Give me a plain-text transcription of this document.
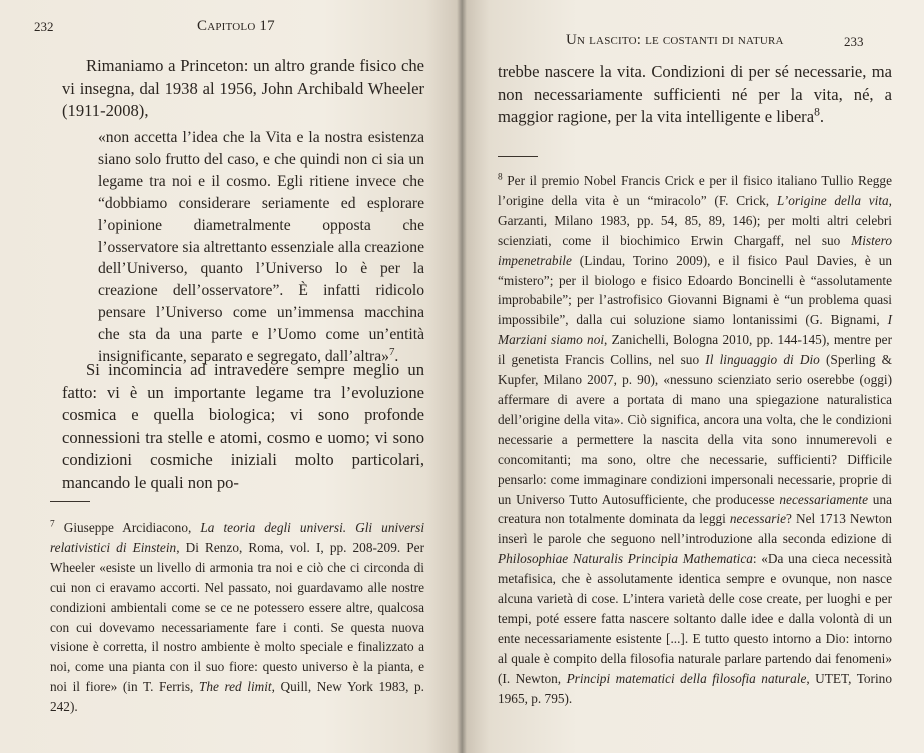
232	Capitolo 17

Rimaniamo a Princeton: un altro grande fisico che vi insegna, dal 1938 al 1956, John Archibald Wheeler (1911-2008),

«non accetta l’idea che la Vita e la nostra esistenza siano solo frutto del caso, e che quindi non ci sia un legame tra noi e il cosmo. Egli ritiene invece che “dobbiamo considerare seriamente ed esplorare l’opinione diametralmente opposta che l’osservatore sia altrettanto essenziale alla creazione dell’Universo, quanto l’Universo lo è per la creazione dell’osservatore”. È infatti ridicolo pensare l’Universo come un’immensa macchina che sta da una parte e l’Uomo come un’entità insignificante, separato e segregato, dall’altra»$^7$.

Si incomincia ad intravedere sempre meglio un fatto: vi è un importante legame tra l’evoluzione cosmica e quella biologica; vi sono profonde connessioni tra stelle e atomi, cosmo e uomo; vi sono condizioni cosmiche iniziali molto particolari, mancando le quali non po-

$^7$ Giuseppe Arcidiacono, La teoria degli universi. Gli universi relativistici di Einstein, Di Renzo, Roma, vol. I, pp. 208-209. Per Wheeler «esiste un livello di armonia tra noi e ciò che ci circonda di cui non ci eravamo accorti. Nel passato, noi guardavamo alle nostre condizioni ambientali come se ce ne potessero essere altre, qualcosa con cui dovevamo necessariamente fare i conti. Se questa nuova visione è corretta, il nostro ambiente è molto speciale e finalizzato a noi, come una pianta con il suo fiore: questo universo è la pianta, e noi il fiore» (in T. Ferris, The red limit, Quill, New York 1983, p. 242).

Un lascito: le costanti di natura	233

trebbe nascere la vita. Condizioni di per sé necessarie, ma non necessariamente sufficienti né per la vita, né, a maggior ragione, per la vita intelligente e libera$^8$.

$^8$ Per il premio Nobel Francis Crick e per il fisico italiano Tullio Regge l’origine della vita è un “miracolo” (F. Crick, L’origine della vita, Garzanti, Milano 1983, pp. 54, 85, 89, 146); per molti altri celebri scienziati, come il biochimico Erwin Chargaff, nel suo Mistero impenetrabile (Lindau, Torino 2009), e il fisico Paul Davies, è un “mistero”; per il biologo e fisico Edoardo Boncinelli è “assolutamente improbabile”; per l’astrofisico Giovanni Bignami è “un problema quasi impossibile”, dalla cui soluzione siamo lontanissimi (G. Bignami, I Marziani siamo noi, Zanichelli, Bologna 2010, pp. 144-145), mentre per il genetista Francis Collins, nel suo Il linguaggio di Dio (Sperling & Kupfer, Milano 2007, p. 90), «nessuno scienziato serio oserebbe (oggi) affermare di avere a portata di mano una spiegazione naturalistica dell’origine della vita». Ciò significa, ancora una volta, che le condizioni necessarie a permettere la nascita della vita sono innumerevoli e concomitanti; ma sono, oltre che necessarie, sufficienti? Difficile pensarlo: come immaginare condizioni impersonali necessarie, proprie di un Universo Tutto Autosufficiente, che producesse necessariamente una creatura non totalmente dominata da leggi necessarie? Nel 1713 Newton inserì le parole che seguono nell’introduzione alla seconda edizione di Philosophiae Naturalis Principia Mathematica: «Da una cieca necessità metafisica, che è assolutamente identica sempre e ovunque, non nasce alcuna varietà di cose. L’intera varietà delle cose create, per luoghi e per tempi, poté essere fatta nascere soltanto dalle idee e dalla volontà di un ente necessariamente esistente [...]. E tutto questo intorno a Dio: intorno al quale è compito della filosofia naturale parlare partendo dai fenomeni» (I. Newton, Principi matematici della filosofia naturale, UTET, Torino 1965, p. 795).
